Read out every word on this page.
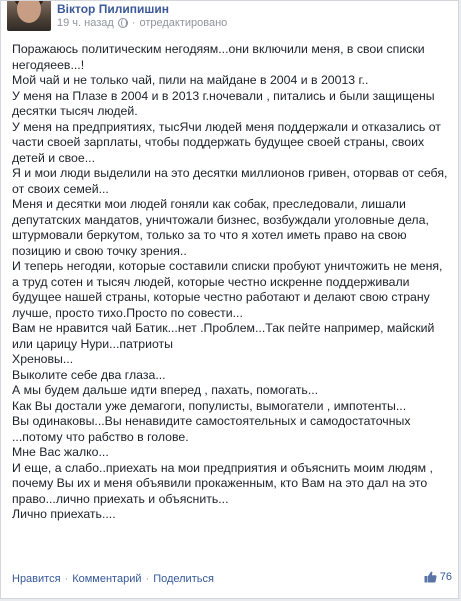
Віктор Пилипишин
19 ч. назад · отредактировано

Поражаюсь политическим негодяям...они включили меня, в свои списки негодяеев...!

Мой чай и не только чай, пили на майдане в 2004 и в 20013 г..

У меня на Плазе в 2004 и в 2013 г.ночевали , питались и были защищены десятки тысяч людей.

У меня на предприятиях, тысЯчи людей меня поддержали и отказались от части своей зарплаты, чтобы поддержать будущее своей страны, своих детей и свое...

Я и мои люди выделили на это десятки миллионов гривен, оторвав от себя, от своих семей...

Меня и десятки мои людей гоняли как собак, преследовали, лишали депутатских мандатов, уничтожали бизнес, возбуждали уголовные дела, штурмовали беркутом, только за то что я хотел иметь право на свою позицию и свою точку зрения..

И теперь негодяи, которые составили списки пробуют уничтожить не меня, а труд сотен и тысяч людей, которые честно искренне поддерживали будущее нашей страны, которые честно работают и делают свою страну лучше, просто тихо.Просто по совести...

Вам не нравится чай Батик...нет .Проблем...Так пейте например, майский или царицу Нури...патриоты

Хреновы...

Выколите себе два глаза...

А мы будем дальше идти вперед , пахать, помогать...

Как Вы достали уже демагоги, популисты, вымогатели , импотенты...

Вы одинаковы...Вы ненавидите самостоятельных и самодостаточных ...потому что рабство в голове.

Мне Вас жалко...

И еще, а слабо..приехать на мои предприятия и объяснить моим людям , почему Вы их и меня объявили прокаженным, кто Вам на это дал на это право...лично приехать и объяснить...

Лично приехать....

Нравится · Комментарий · Поделиться	76
